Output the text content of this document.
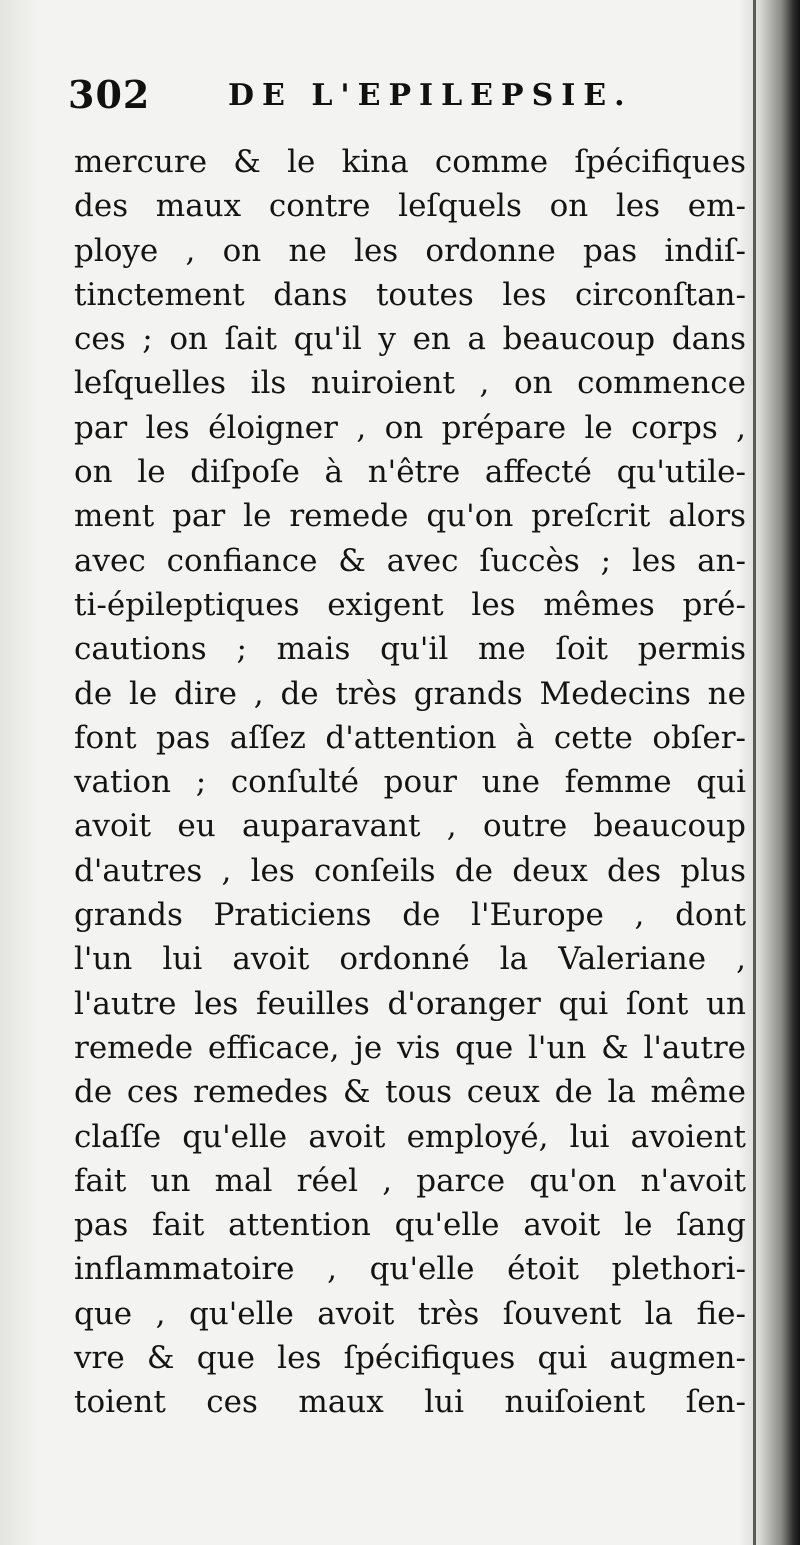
302	DE L'EPILEPSIE.
mercure & le kina comme ſpécifiques
des maux contre leſquels on les em-
ploye , on ne les ordonne pas indiſ-
tinctement dans toutes les circonſtan-
ces ; on ſait qu'il y en a beaucoup dans
leſquelles ils nuiroient , on commence
par les éloigner , on prépare le corps ,
on le diſpoſe à n'être affecté qu'utile-
ment par le remede qu'on preſcrit alors
avec confiance & avec ſuccès ; les an-
ti-épileptiques exigent les mêmes pré-
cautions ; mais qu'il me ſoit permis
de le dire , de très grands Medecins ne
font pas aſſez d'attention à cette obſer-
vation ; conſulté pour une femme qui
avoit eu auparavant , outre beaucoup
d'autres , les conſeils de deux des plus
grands Praticiens de l'Europe , dont
l'un lui avoit ordonné la Valeriane ,
l'autre les feuilles d'oranger qui ſont un
remede efficace, je vis que l'un & l'autre
de ces remedes & tous ceux de la même
claſſe qu'elle avoit employé, lui avoient
fait un mal réel , parce qu'on n'avoit
pas fait attention qu'elle avoit le ſang
inflammatoire , qu'elle étoit plethori-
que , qu'elle avoit très ſouvent la fie-
vre & que les ſpécifiques qui augmen-
toient ces maux lui nuiſoient ſen-
